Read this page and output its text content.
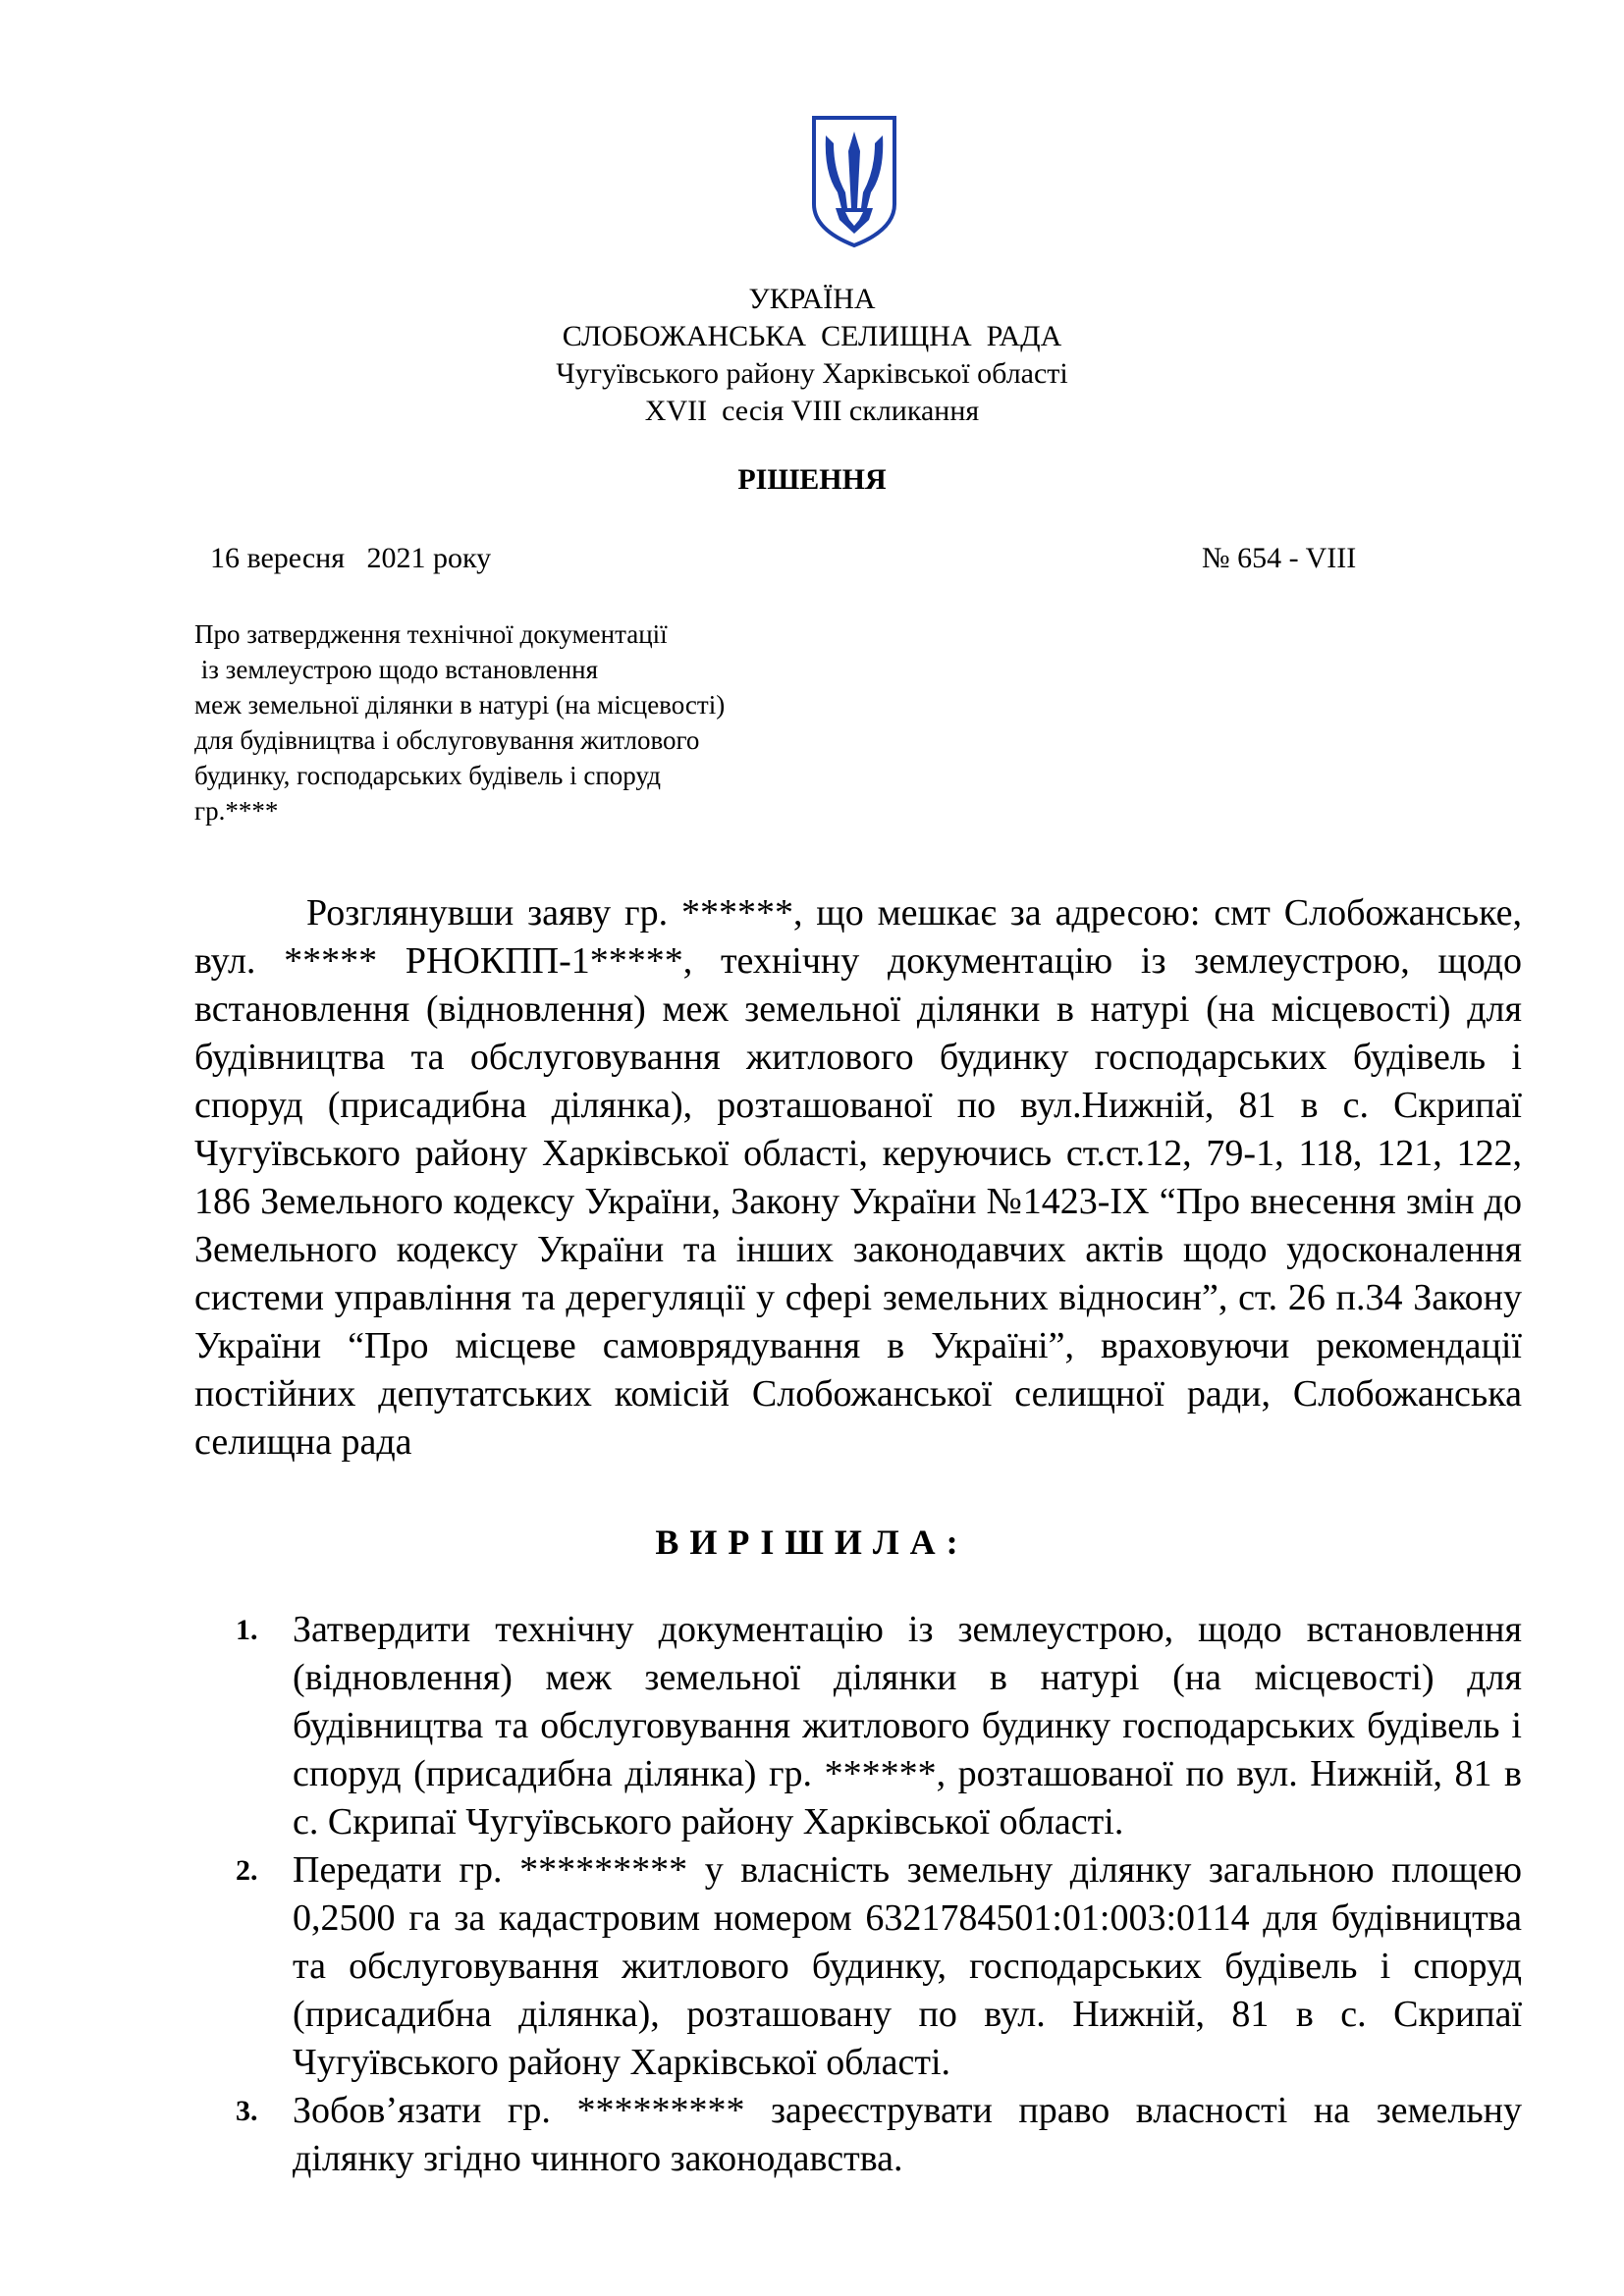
УКРАЇНА
СЛОБОЖАНСЬКА  СЕЛИЩНА  РАДА
Чугуївського району Харківської області
XVII  сесія VIII скликання
РІШЕННЯ
16 вересня   2021 року	№ 654 - VIII
Про затвердження технічної документації
із землеустрою щодо встановлення
меж земельної ділянки в натурі (на місцевості)
для будівництва і обслуговування житлового
будинку, господарських будівель і споруд
гр.****

Розглянувши заяву гр. ******, що мешкає за адресою: смт Слобожанське, вул. ***** РНОКПП-1*****, технічну документацію із землеустрою, щодо встановлення (відновлення) меж земельної ділянки в натурі (на місцевості) для будівництва та обслуговування житлового будинку господарських будівель і споруд (присадибна ділянка), розташованої по вул.Нижній, 81 в с. Скрипаї Чугуївського району Харківської області, керуючись ст.ст.12, 79-1, 118, 121, 122, 186 Земельного кодексу України, Закону України №1423-IX “Про внесення змін до Земельного кодексу України та інших законодавчих актів щодо удосконалення системи управління та дерегуляції у сфері земельних відносин”, ст. 26 п.34 Закону України “Про місцеве самоврядування в Україні”, враховуючи рекомендації постійних депутатських комісій Слобожанської селищної ради, Слобожанська селищна рада

ВИРІШИЛА:
1. Затвердити технічну документацію із землеустрою, щодо встановлення (відновлення) меж земельної ділянки в натурі (на місцевості) для будівництва та обслуговування житлового будинку господарських будівель і споруд (присадибна ділянка) гр. ******, розташованої по вул. Нижній, 81 в с. Скрипаї Чугуївського району Харківської області.
2. Передати гр. ********* у власність земельну ділянку загальною площею 0,2500 га за кадастровим номером 6321784501:01:003:0114 для будівництва та обслуговування житлового будинку, господарських будівель і споруд (присадибна ділянка), розташовану по вул. Нижній, 81 в с. Скрипаї Чугуївського району Харківської області.
3. Зобов’язати гр. ********* зареєструвати право власності на земельну ділянку згідно чинного законодавства.
